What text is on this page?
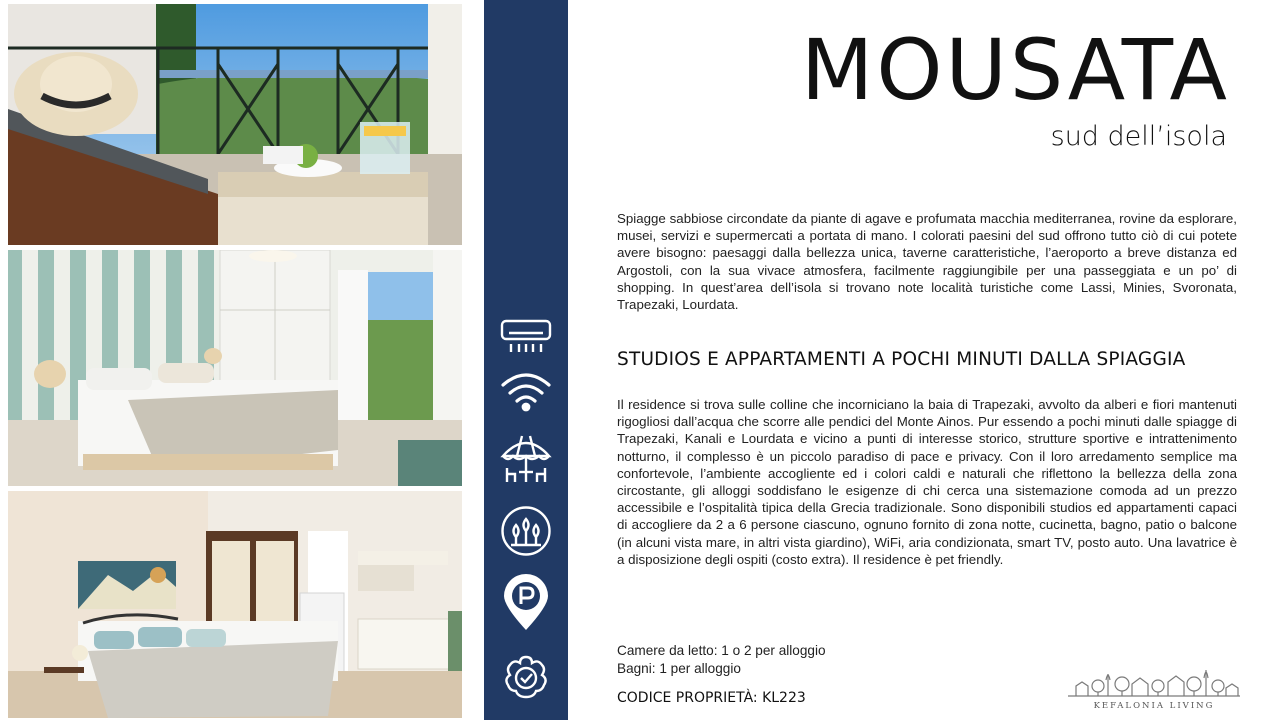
MOUSATA

sud dell’isola

Spiagge sabbiose circondate da piante di agave e profumata macchia mediterranea, rovine da esplorare, musei, servizi e supermercati a portata di mano. I colorati paesini del sud offrono tutto ciò di cui potete avere bisogno: paesaggi dalla bellezza unica, taverne caratteristiche, l’aeroporto a breve distanza ed Argostoli, con la sua vivace atmosfera, facilmente raggiungibile per una passeggiata e un po’ di shopping. In quest’area dell’isola si trovano note località turistiche come Lassi, Minies, Svoronata, Trapezaki, Lourdata.

STUDIOS E APPARTAMENTI A POCHI MINUTI DALLA SPIAGGIA

Il residence si trova sulle colline che incorniciano la baia di Trapezaki, avvolto da alberi e fiori mantenuti rigogliosi dall’acqua che scorre alle pendici del Monte Ainos. Pur essendo a pochi minuti dalle spiagge di Trapezaki, Kanali e Lourdata e vicino a punti di interesse storico, strutture sportive e intrattenimento notturno, il complesso è un piccolo paradiso di pace e privacy. Con il loro arredamento semplice ma confortevole, l’ambiente accogliente ed i colori caldi e naturali che riflettono la bellezza della zona circostante, gli alloggi soddisfano le esigenze di chi cerca una sistemazione comoda ad un prezzo accessibile e l’ospitalità tipica della Grecia tradizionale. Sono disponibili studios ed appartamenti capaci di accogliere da 2 a 6 persone ciascuno, ognuno fornito di zona notte, cucinetta, bagno, patio o balcone (in alcuni vista mare, in altri vista giardino), WiFi, aria condizionata, smart TV, posto auto. Una lavatrice è a disposizione degli ospiti (costo extra). Il residence è pet friendly.

Camere da letto: 1 o 2 per alloggio
Bagni: 1 per alloggio
CODICE PROPRIETÀ: KL223	KEFALONIA LIVING
